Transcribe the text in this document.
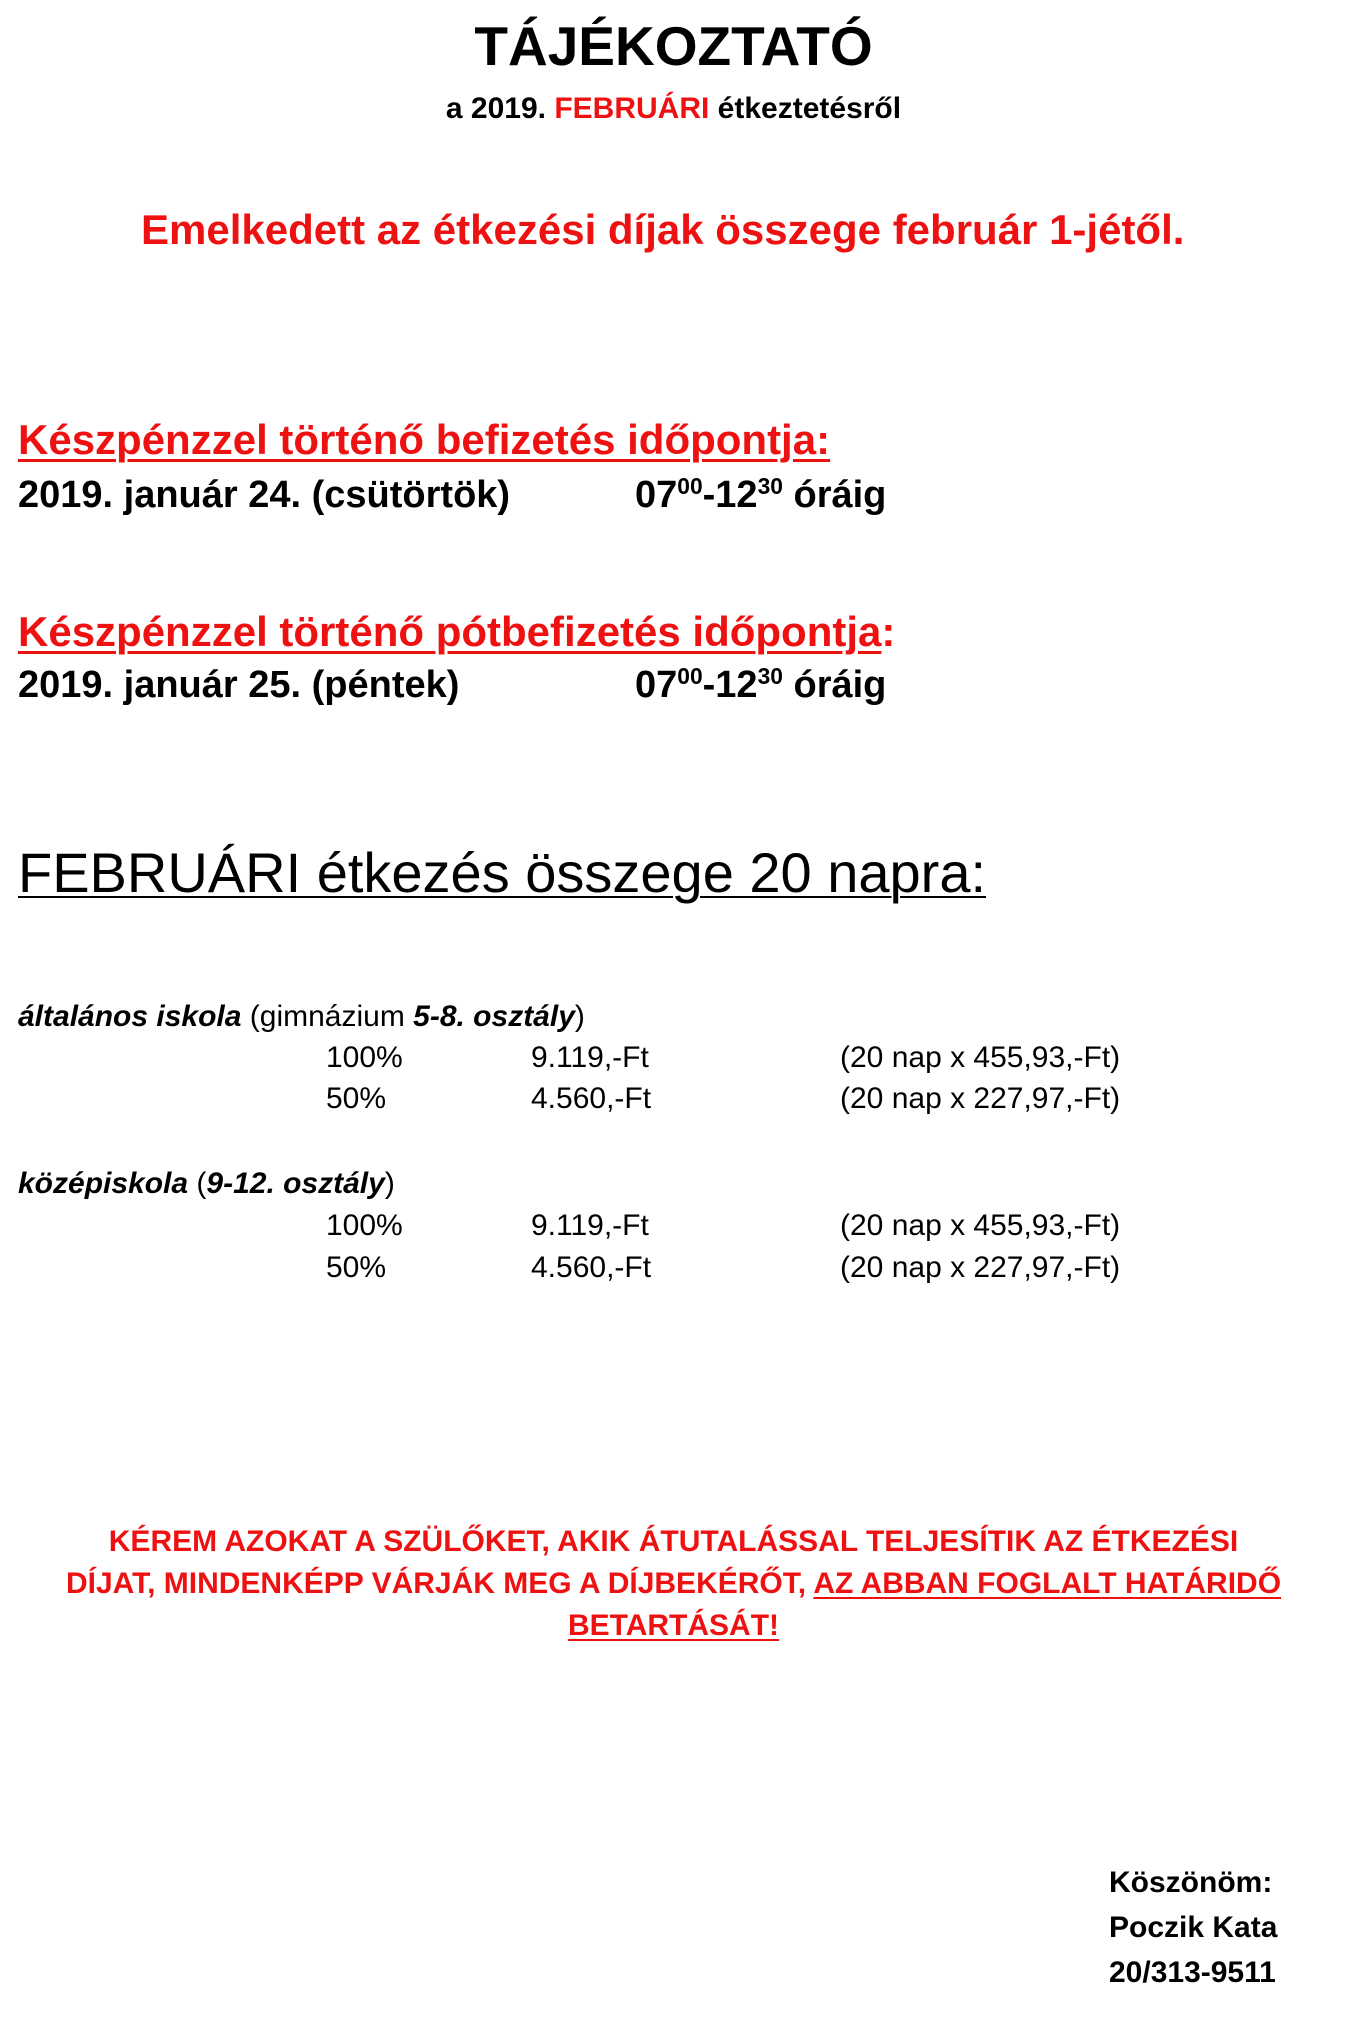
TÁJÉKOZTATÓ
a 2019. FEBRUÁRI étkeztetésről
Emelkedett az étkezési díjak összege február 1-jétől.
Készpénzzel történő befizetés időpontja:
2019. január 24. (csütörtök)	$07^{00}-12^{30}$ óráig
Készpénzzel történő pótbefizetés időpontja:
2019. január 25. (péntek)	$07^{00}-12^{30}$ óráig
FEBRUÁRI étkezés összege 20 napra:
általános iskola (gimnázium 5-8. osztály)
100%	9.119,-Ft	(20 nap x 455,93,-Ft)
50%	4.560,-Ft	(20 nap x 227,97,-Ft)
középiskola (9-12. osztály)
100%	9.119,-Ft	(20 nap x 455,93,-Ft)
50%	4.560,-Ft	(20 nap x 227,97,-Ft)
KÉREM AZOKAT A SZÜLŐKET, AKIK ÁTUTALÁSSAL TELJESÍTIK AZ ÉTKEZÉSI
DÍJAT, MINDENKÉPP VÁRJÁK MEG A DÍJBEKÉRŐT, AZ ABBAN FOGLALT HATÁRIDŐ
BETARTÁSÁT!
Köszönöm:
Poczik Kata
20/313-9511
